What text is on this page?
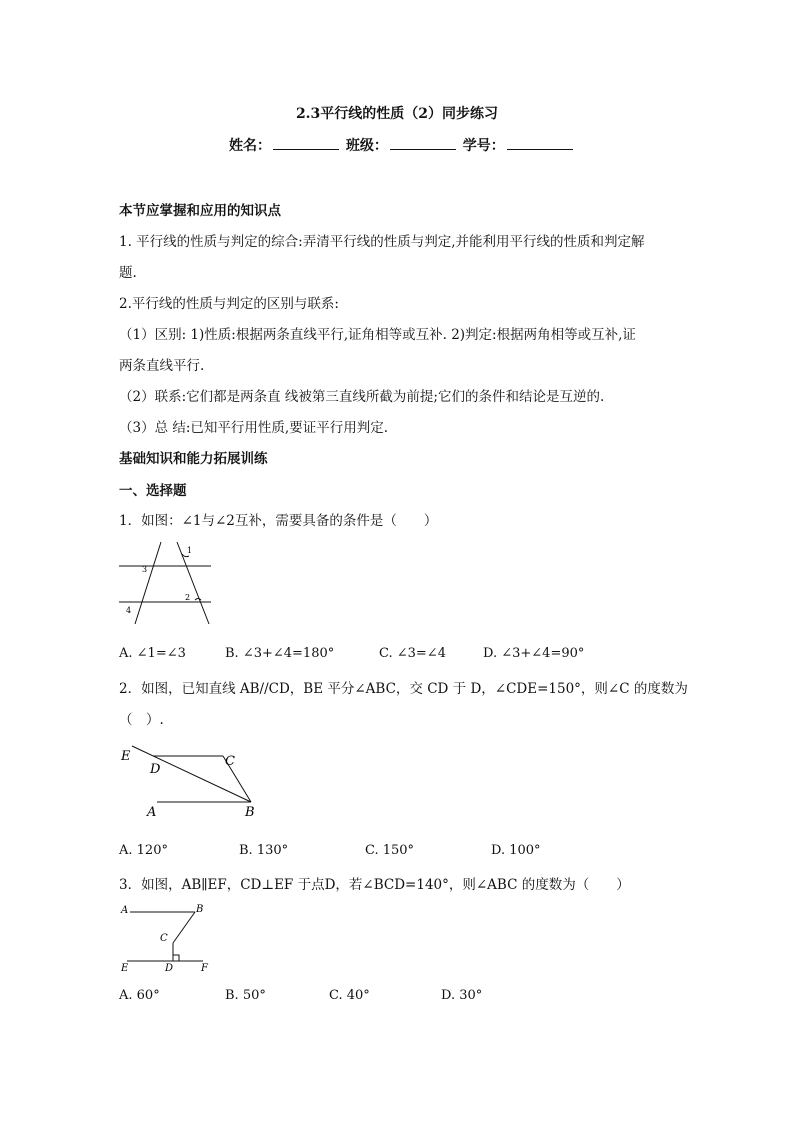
2.3平行线的性质（2）同步练习
姓名：	班级：	学号：
本节应掌握和应用的知识点
1. 平行线的性质与判定的综合:弄清平行线的性质与判定,并能利用平行线的性质和判定解
题.
2.平行线的性质与判定的区别与联系:
（1）区别: 1)性质:根据两条直线平行,证角相等或互补. 2)判定:根据两角相等或互补,证
两条直线平行.
（2）联系:它们都是两条直 线被第三直线所截为前提;它们的条件和结论是互逆的.
（3）总 结:已知平行用性质,要证平行用判定.
基础知识和能力拓展训练
一、选择题
1．如图：∠1与∠2互补，需要具备的条件是（　　）
1
2
3
4
A. ∠1=∠3	B. ∠3+∠4=180°	C. ∠3=∠4	D. ∠3+∠4=90°
2．如图，已知直线 AB//CD，BE 平分∠ABC，交 CD 于 D，∠CDE=150°，则∠C 的度数为
（　）.
E
D
C
A	B
A. 120°	B. 130°	C. 150°	D. 100°
3．如图，AB∥EF，CD⊥EF 于点D，若∠BCD=140°，则∠ABC 的度数为（　　）
A	B
C
E	D	F
A. 60°	B. 50°	C. 40°	D. 30°
